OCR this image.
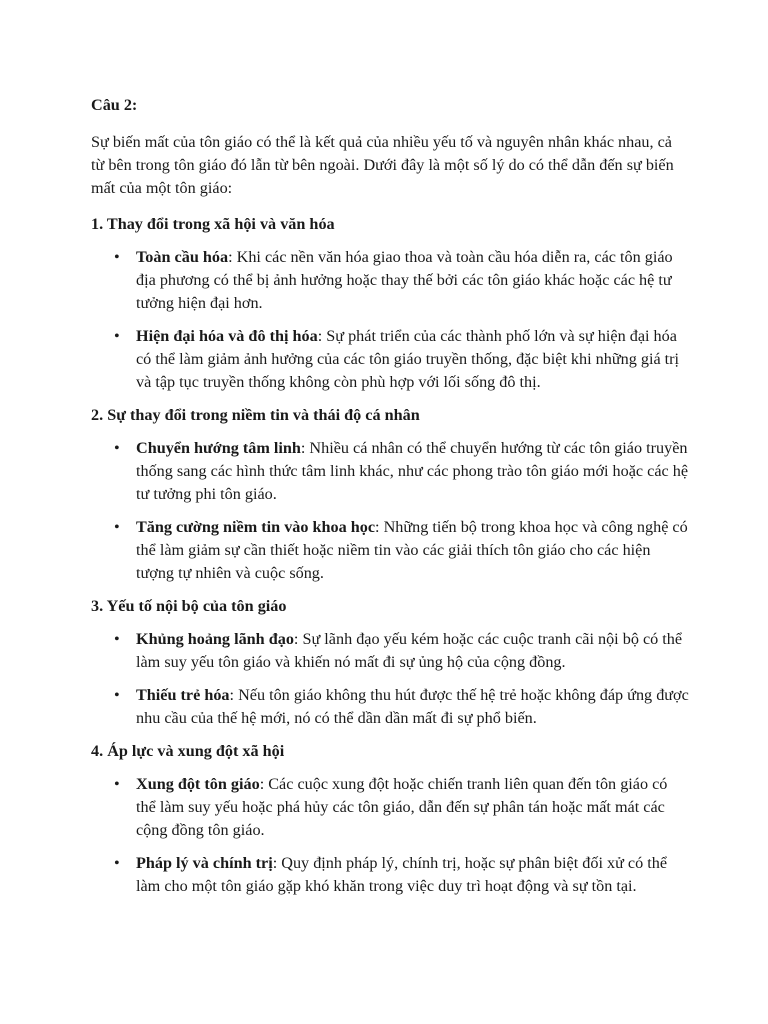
Câu 2:

Sự biến mất của tôn giáo có thể là kết quả của nhiều yếu tố và nguyên nhân khác nhau, cả từ bên trong tôn giáo đó lẫn từ bên ngoài. Dưới đây là một số lý do có thể dẫn đến sự biến mất của một tôn giáo:

1. Thay đổi trong xã hội và văn hóa

• Toàn cầu hóa: Khi các nền văn hóa giao thoa và toàn cầu hóa diễn ra, các tôn giáo địa phương có thể bị ảnh hưởng hoặc thay thế bởi các tôn giáo khác hoặc các hệ tư tưởng hiện đại hơn.
• Hiện đại hóa và đô thị hóa: Sự phát triển của các thành phố lớn và sự hiện đại hóa có thể làm giảm ảnh hưởng của các tôn giáo truyền thống, đặc biệt khi những giá trị và tập tục truyền thống không còn phù hợp với lối sống đô thị.

2. Sự thay đổi trong niềm tin và thái độ cá nhân

• Chuyển hướng tâm linh: Nhiều cá nhân có thể chuyển hướng từ các tôn giáo truyền thống sang các hình thức tâm linh khác, như các phong trào tôn giáo mới hoặc các hệ tư tưởng phi tôn giáo.
• Tăng cường niềm tin vào khoa học: Những tiến bộ trong khoa học và công nghệ có thể làm giảm sự cần thiết hoặc niềm tin vào các giải thích tôn giáo cho các hiện tượng tự nhiên và cuộc sống.

3. Yếu tố nội bộ của tôn giáo

• Khủng hoảng lãnh đạo: Sự lãnh đạo yếu kém hoặc các cuộc tranh cãi nội bộ có thể làm suy yếu tôn giáo và khiến nó mất đi sự ủng hộ của cộng đồng.
• Thiếu trẻ hóa: Nếu tôn giáo không thu hút được thế hệ trẻ hoặc không đáp ứng được nhu cầu của thế hệ mới, nó có thể dần dần mất đi sự phổ biến.

4. Áp lực và xung đột xã hội

• Xung đột tôn giáo: Các cuộc xung đột hoặc chiến tranh liên quan đến tôn giáo có thể làm suy yếu hoặc phá hủy các tôn giáo, dẫn đến sự phân tán hoặc mất mát các cộng đồng tôn giáo.
• Pháp lý và chính trị: Quy định pháp lý, chính trị, hoặc sự phân biệt đối xử có thể làm cho một tôn giáo gặp khó khăn trong việc duy trì hoạt động và sự tồn tại.
